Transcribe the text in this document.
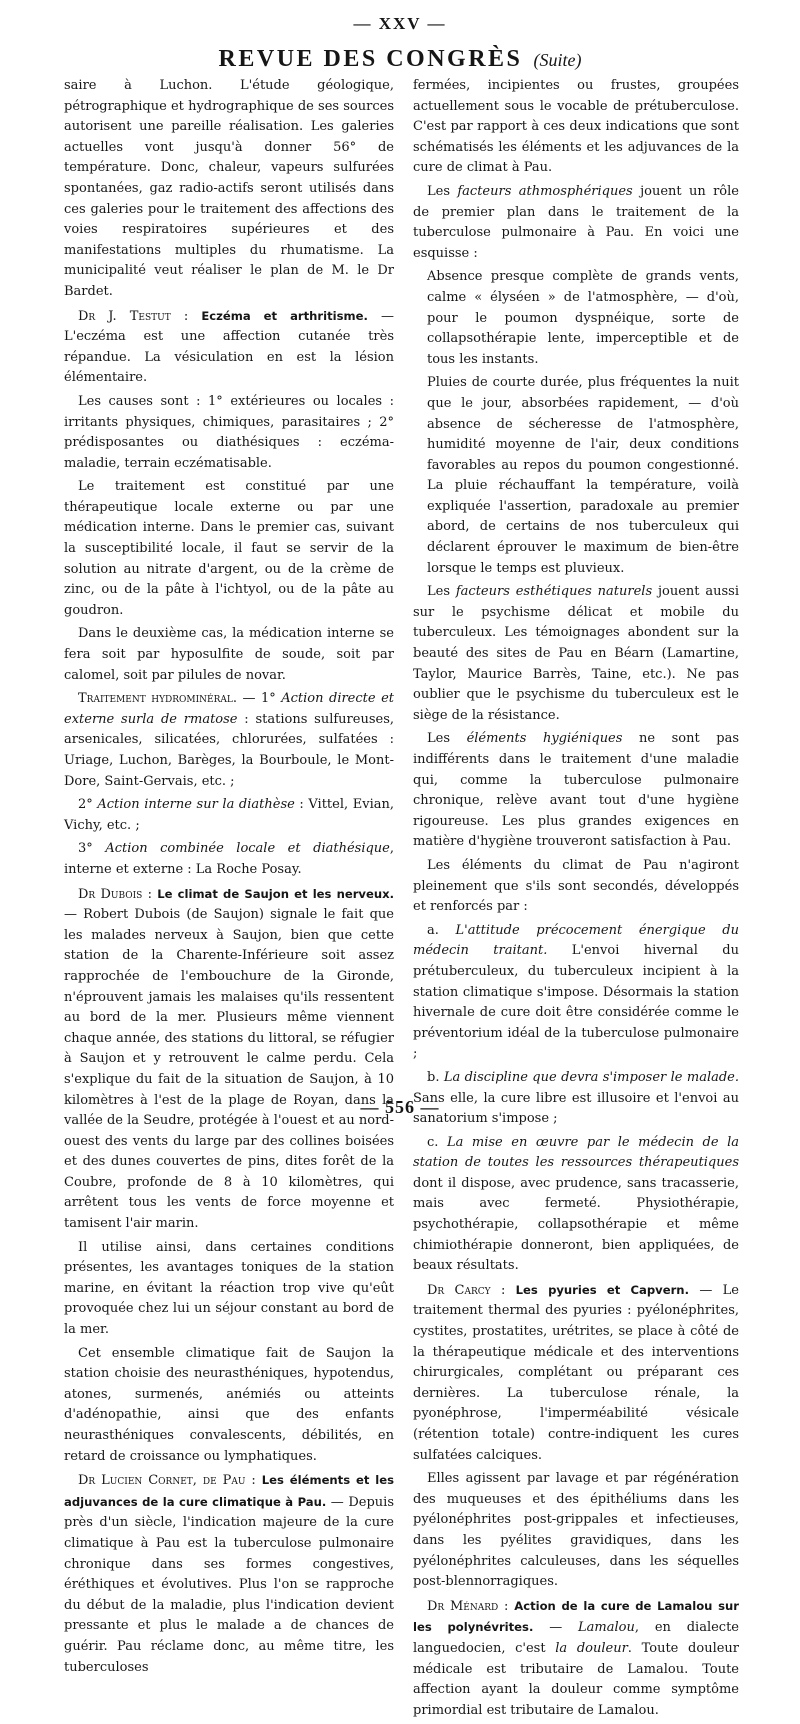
— XXV —
REVUE DES CONGRÈS (Suite)

saire à Luchon. L'étude géologique, pétrographique et hydrographique de ses sources autorisent une pareille réalisation. Les galeries actuelles vont jusqu'à donner 56° de température. Donc, chaleur, vapeurs sulfurées spontanées, gaz radio-actifs seront utilisés dans ces galeries pour le traitement des affections des voies respiratoires supérieures et des manifestations multiples du rhumatisme. La municipalité veut réaliser le plan de M. le Dr Bardet.

Dr J. Testut : Eczéma et arthritisme. — L'eczéma est une affection cutanée très répandue. La vésiculation en est la lésion élémentaire.

Les causes sont : 1° extérieures ou locales : irritants physiques, chimiques, parasitaires ; 2° prédisposantes ou diathésiques : eczéma-maladie, terrain eczématisable.

Le traitement est constitué par une thérapeutique locale externe ou par une médication interne. Dans le premier cas, suivant la susceptibilité locale, il faut se servir de la solution au nitrate d'argent, ou de la crème de zinc, ou de la pâte à l'ichtyol, ou de la pâte au goudron.

Dans le deuxième cas, la médication interne se fera soit par hyposulfite de soude, soit par calomel, soit par pilules de novar.

Traitement hydrominéral. — 1° Action directe et externe surla de rmatose : stations sulfureuses, arsenicales, silicatées, chlorurées, sulfatées : Uriage, Luchon, Barèges, la Bourboule, le Mont-Dore, Saint-Gervais, etc. ;

2° Action interne sur la diathèse : Vittel, Evian, Vichy, etc. ;

3° Action combinée locale et diathésique, interne et externe : La Roche Posay.

Dr Dubois : Le climat de Saujon et les nerveux. — Robert Dubois (de Saujon) signale le fait que les malades nerveux à Saujon, bien que cette station de la Charente-Inférieure soit assez rapprochée de l'embouchure de la Gironde, n'éprouvent jamais les malaises qu'ils ressentent au bord de la mer. Plusieurs même viennent chaque année, des stations du littoral, se réfugier à Saujon et y retrouvent le calme perdu. Cela s'explique du fait de la situation de Saujon, à 10 kilomètres à l'est de la plage de Royan, dans la vallée de la Seudre, protégée à l'ouest et au nord-ouest des vents du large par des collines boisées et des dunes couvertes de pins, dites forêt de la Coubre, profonde de 8 à 10 kilomètres, qui arrêtent tous les vents de force moyenne et tamisent l'air marin.

Il utilise ainsi, dans certaines conditions présentes, les avantages toniques de la station marine, en évitant la réaction trop vive qu'eût provoquée chez lui un séjour constant au bord de la mer.

Cet ensemble climatique fait de Saujon la station choisie des neurasthéniques, hypotendus, atones, surmenés, anémiés ou atteints d'adénopathie, ainsi que des enfants neurasthéniques convalescents, débilités, en retard de croissance ou lymphatiques.

Dr Lucien Cornet, de Pau : Les éléments et les adjuvances de la cure climatique à Pau. — Depuis près d'un siècle, l'indication majeure de la cure climatique à Pau est la tuberculose pulmonaire chronique dans ses formes congestives, éréthiques et évolutives. Plus l'on se rapproche du début de la maladie, plus l'indication devient pressante et plus le malade a de chances de guérir. Pau réclame donc, au même titre, les tuberculoses

fermées, incipientes ou frustes, groupées actuellement sous le vocable de prétuberculose. C'est par rapport à ces deux indications que sont schématisés les éléments et les adjuvances de la cure de climat à Pau.

Les facteurs athmosphériques jouent un rôle de premier plan dans le traitement de la tuberculose pulmonaire à Pau. En voici une esquisse :

Absence presque complète de grands vents, calme « élyséen » de l'atmosphère, — d'où, pour le poumon dyspnéique, sorte de collapsothérapie lente, imperceptible et de tous les instants.

Pluies de courte durée, plus fréquentes la nuit que le jour, absorbées rapidement, — d'où absence de sécheresse de l'atmosphère, humidité moyenne de l'air, deux conditions favorables au repos du poumon congestionné. La pluie réchauffant la température, voilà expliquée l'assertion, paradoxale au premier abord, de certains de nos tuberculeux qui déclarent éprouver le maximum de bien-être lorsque le temps est pluvieux.

Les facteurs esthétiques naturels jouent aussi sur le psychisme délicat et mobile du tuberculeux. Les témoignages abondent sur la beauté des sites de Pau en Béarn (Lamartine, Taylor, Maurice Barrès, Taine, etc.). Ne pas oublier que le psychisme du tuberculeux est le siège de la résistance.

Les éléments hygiéniques ne sont pas indifférents dans le traitement d'une maladie qui, comme la tuberculose pulmonaire chronique, relève avant tout d'une hygiène rigoureuse. Les plus grandes exigences en matière d'hygiène trouveront satisfaction à Pau.

Les éléments du climat de Pau n'agiront pleinement que s'ils sont secondés, développés et renforcés par :

a. L'attitude précocement énergique du médecin traitant. L'envoi hivernal du prétuberculeux, du tuberculeux incipient à la station climatique s'impose. Désormais la station hivernale de cure doit être considérée comme le préventorium idéal de la tuberculose pulmonaire ;

b. La discipline que devra s'imposer le malade. Sans elle, la cure libre est illusoire et l'envoi au sanatorium s'impose ;

c. La mise en œuvre par le médecin de la station de toutes les ressources thérapeutiques dont il dispose, avec prudence, sans tracasserie, mais avec fermeté. Physiothérapie, psychothérapie, collapsothérapie et même chimiothérapie donneront, bien appliquées, de beaux résultats.

Dr Carcy : Les pyuries et Capvern. — Le traitement thermal des pyuries : pyélonéphrites, cystites, prostatites, urétrites, se place à côté de la thérapeutique médicale et des interventions chirurgicales, complétant ou préparant ces dernières. La tuberculose rénale, la pyonéphrose, l'imperméabilité vésicale (rétention totale) contre-indiquent les cures sulfatées calciques.

Elles agissent par lavage et par régénération des muqueuses et des épithéliums dans les pyélonéphrites post-grippales et infectieuses, dans les pyélites gravidiques, dans les pyélonéphrites calculeuses, dans les séquelles post-blennorragiques.

Dr Ménard : Action de la cure de Lamalou sur les polynévrites. — Lamalou, en dialecte languedocien, c'est la douleur. Toute douleur médicale est tributaire de Lamalou. Toute affection ayant la douleur comme symptôme primordial est tributaire de Lamalou.

— 556 —
